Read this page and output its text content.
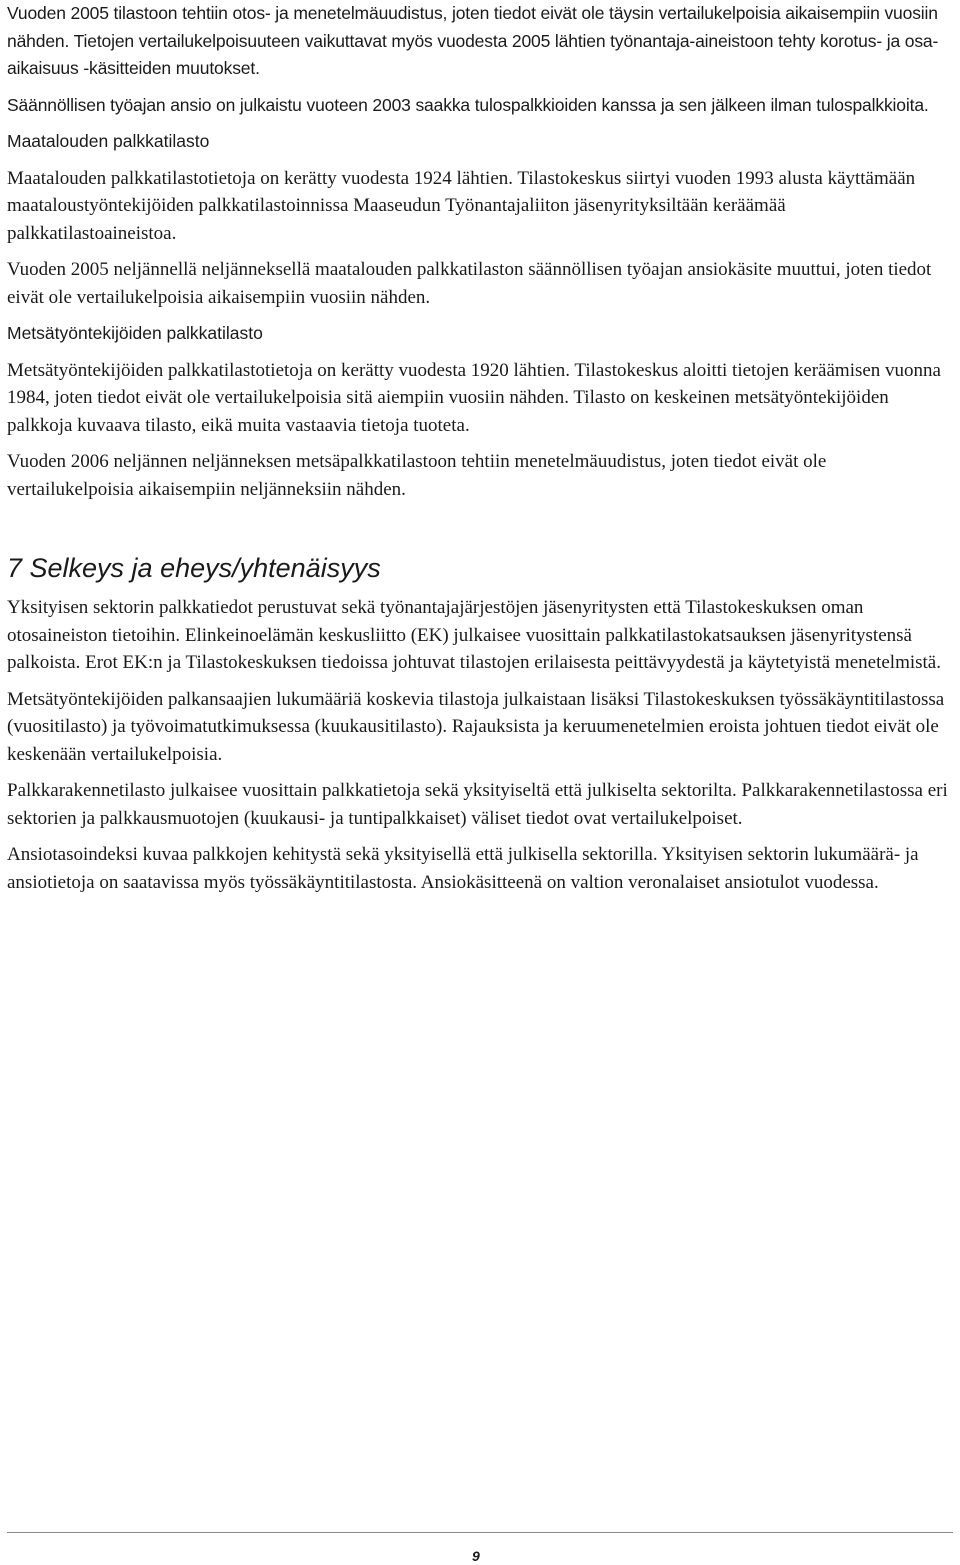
Vuoden 2005 tilastoon tehtiin otos- ja menetelmäuudistus, joten tiedot eivät ole täysin vertailukelpoisia aikaisempiin vuosiin nähden. Tietojen vertailukelpoisuuteen vaikuttavat myös vuodesta 2005 lähtien työnantaja-aineistoon tehty korotus- ja osa-aikaisuus -käsitteiden muutokset.

Säännöllisen työajan ansio on julkaistu vuoteen 2003 saakka tulospalkkioiden kanssa ja sen jälkeen ilman tulospalkkioita.

Maatalouden palkkatilasto

Maatalouden palkkatilastotietoja on kerätty vuodesta 1924 lähtien. Tilastokeskus siirtyi vuoden 1993 alusta käyttämään maataloustyöntekijöiden palkkatilastoinnissa Maaseudun Työnantajaliiton jäsenyrityksiltään keräämää palkkatilastoaineistoa.

Vuoden 2005 neljännellä neljänneksellä maatalouden palkkatilaston säännöllisen työajan ansiokäsite muuttui, joten tiedot eivät ole vertailukelpoisia aikaisempiin vuosiin nähden.

Metsätyöntekijöiden palkkatilasto

Metsätyöntekijöiden palkkatilastotietoja on kerätty vuodesta 1920 lähtien. Tilastokeskus aloitti tietojen keräämisen vuonna 1984, joten tiedot eivät ole vertailukelpoisia sitä aiempiin vuosiin nähden. Tilasto on keskeinen metsätyöntekijöiden palkkoja kuvaava tilasto, eikä muita vastaavia tietoja tuoteta.

Vuoden 2006 neljännen neljänneksen metsäpalkkatilastoon tehtiin menetelmäuudistus, joten tiedot eivät ole vertailukelpoisia aikaisempiin neljänneksiin nähden.

7 Selkeys ja eheys/yhtenäisyys

Yksityisen sektorin palkkatiedot perustuvat sekä työnantajajärjestöjen jäsenyritysten että Tilastokeskuksen oman otosaineiston tietoihin. Elinkeinoelämän keskusliitto (EK) julkaisee vuosittain palkkatilastokatsauksen jäsenyritystensä palkoista. Erot EK:n ja Tilastokeskuksen tiedoissa johtuvat tilastojen erilaisesta peittävyydestä ja käytetyistä menetelmistä.

Metsätyöntekijöiden palkansaajien lukumääriä koskevia tilastoja julkaistaan lisäksi Tilastokeskuksen työssäkäyntitilastossa (vuositilasto) ja työvoimatutkimuksessa (kuukausitilasto). Rajauksista ja keruumenetelmien eroista johtuen tiedot eivät ole keskenään vertailukelpoisia.

Palkkarakennetilasto julkaisee vuosittain palkkatietoja sekä yksityiseltä että julkiselta sektorilta. Palkkarakennetilastossa eri sektorien ja palkkausmuotojen (kuukausi- ja tuntipalkkaiset) väliset tiedot ovat vertailukelpoiset.

Ansiotasoindeksi kuvaa palkkojen kehitystä sekä yksityisellä että julkisella sektorilla. Yksityisen sektorin lukumäärä- ja ansiotietoja on saatavissa myös työssäkäyntitilastosta. Ansiokäsitteenä on valtion veronalaiset ansiotulot vuodessa.

9
